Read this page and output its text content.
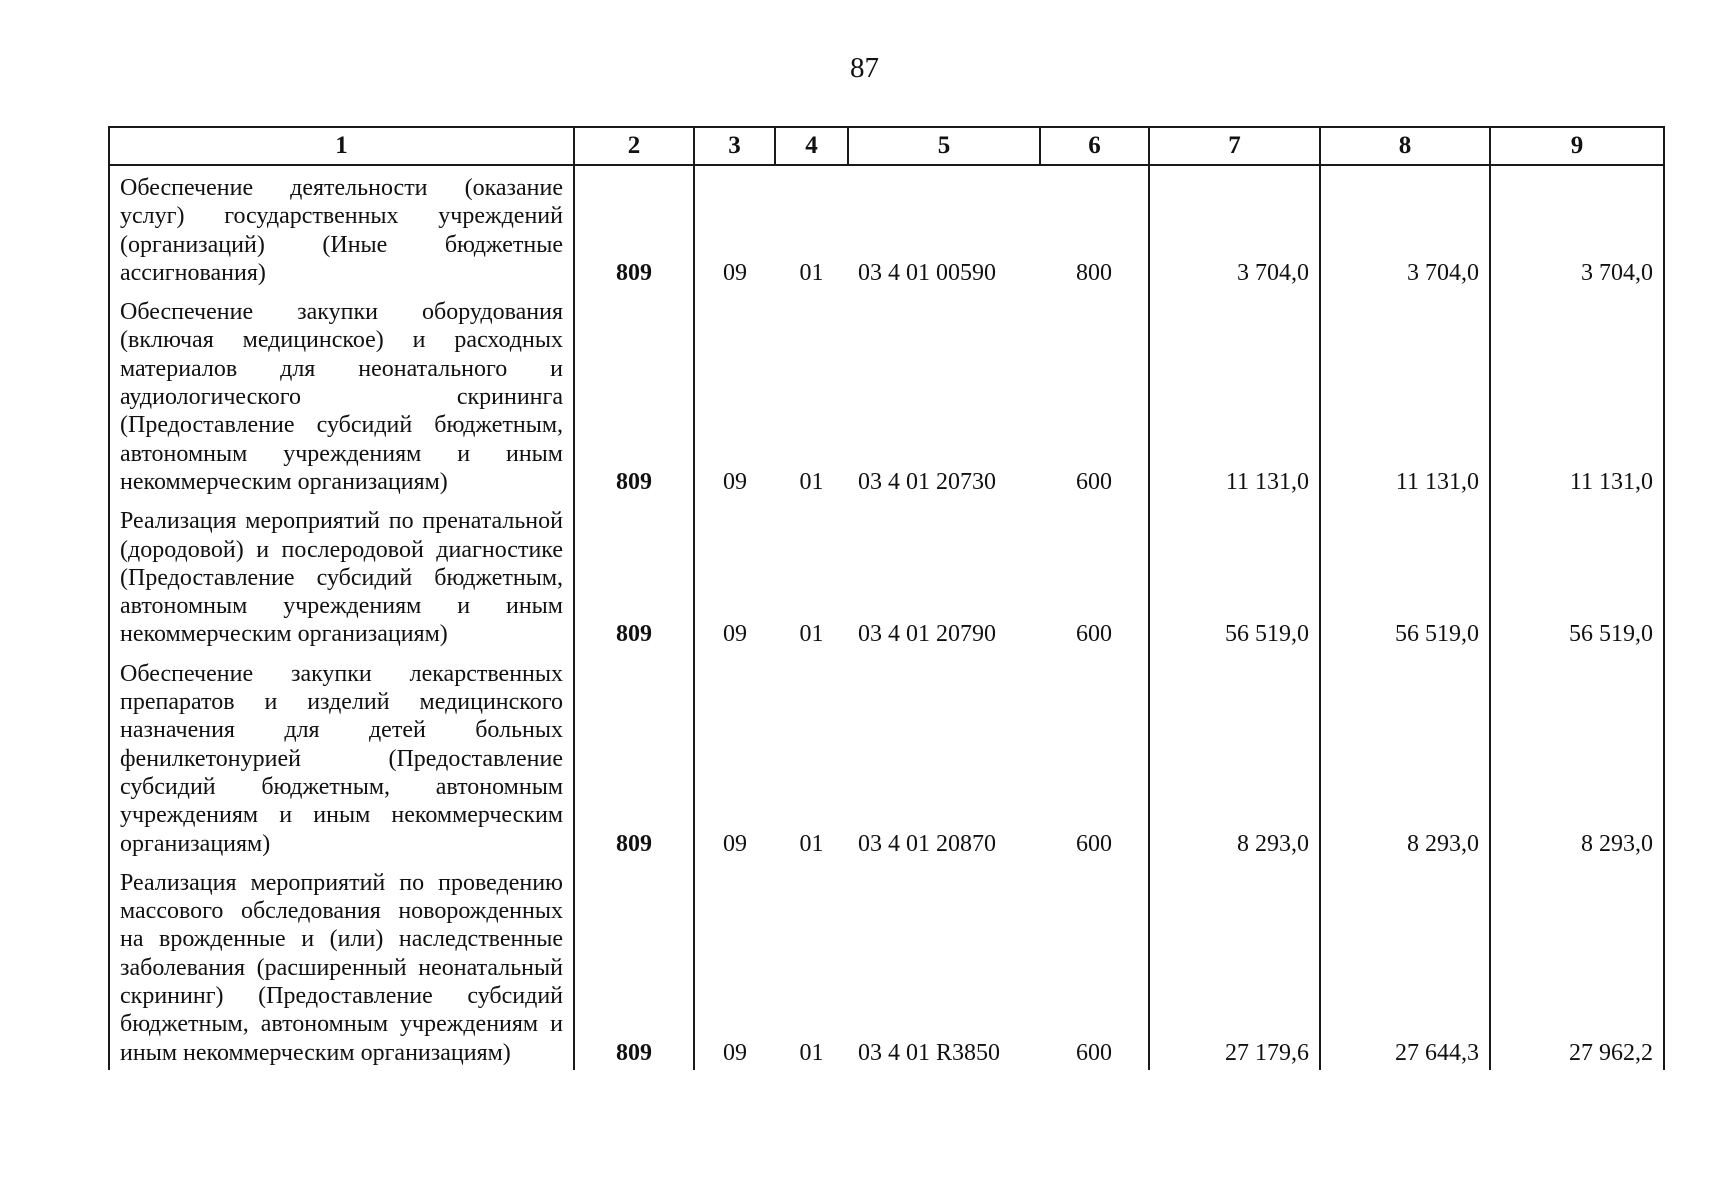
87
1	2	3	4	5	6	7	8	9
Обеспечение деятельности (оказание услуг) государственных учреждений (организаций) (Иные бюджетные ассигнования)	809	09	01	03 4 01 00590	800	3 704,0	3 704,0	3 704,0
Обеспечение закупки оборудования (включая медицинское) и расходных материалов для неонатального и аудиологического скрининга (Предоставление субсидий бюджетным, автономным учреждениям и иным некоммерческим организациям)	809	09	01	03 4 01 20730	600	11 131,0	11 131,0	11 131,0
Реализация мероприятий по пренатальной (дородовой) и послеродовой диагностике (Предоставление субсидий бюджетным, автономным учреждениям и иным некоммерческим организациям)	809	09	01	03 4 01 20790	600	56 519,0	56 519,0	56 519,0
Обеспечение закупки лекарственных препаратов и изделий медицинского назначения для детей больных фенилкетонурией (Предоставление субсидий бюджетным, автономным учреждениям и иным некоммерческим организациям)	809	09	01	03 4 01 20870	600	8 293,0	8 293,0	8 293,0
Реализация мероприятий по проведению массового обследования новорожденных на врожденные и (или) наследственные заболевания (расширенный неонатальный скрининг) (Предоставление субсидий бюджетным, автономным учреждениям и иным некоммерческим организациям)	809	09	01	03 4 01 R3850	600	27 179,6	27 644,3	27 962,2
